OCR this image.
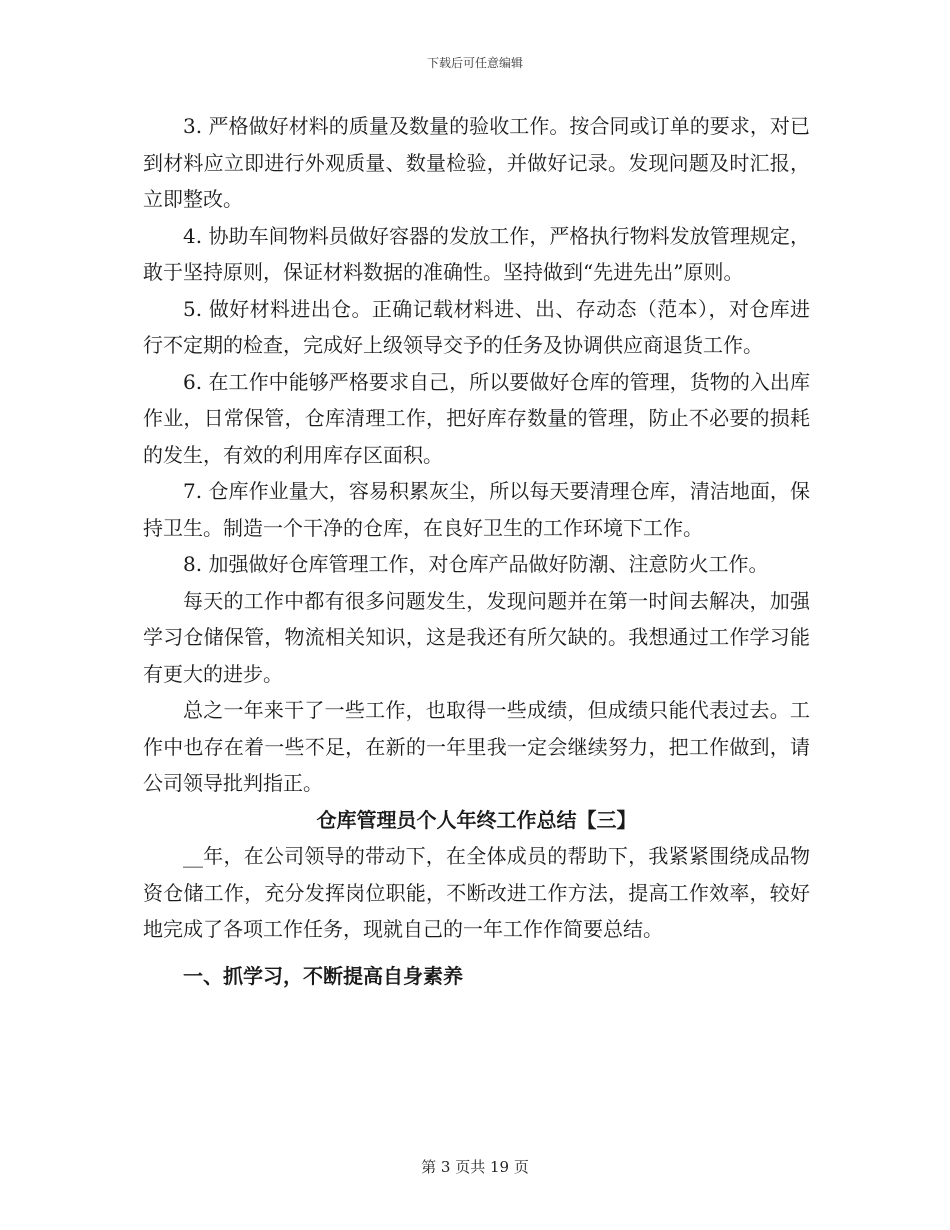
下载后可任意编辑

3. 严格做好材料的质量及数量的验收工作。按合同或订单的要求，对已到材料应立即进行外观质量、数量检验，并做好记录。发现问题及时汇报，立即整改。

4. 协助车间物料员做好容器的发放工作，严格执行物料发放管理规定，敢于坚持原则，保证材料数据的准确性。坚持做到“先进先出”原则。

5. 做好材料进出仓。正确记载材料进、出、存动态（范本），对仓库进行不定期的检查，完成好上级领导交予的任务及协调供应商退货工作。

6. 在工作中能够严格要求自己，所以要做好仓库的管理，货物的入出库作业，日常保管，仓库清理工作，把好库存数量的管理，防止不必要的损耗的发生，有效的利用库存区面积。

7. 仓库作业量大，容易积累灰尘，所以每天要清理仓库，清洁地面，保持卫生。制造一个干净的仓库，在良好卫生的工作环境下工作。

8. 加强做好仓库管理工作，对仓库产品做好防潮、注意防火工作。

每天的工作中都有很多问题发生，发现问题并在第一时间去解决，加强学习仓储保管，物流相关知识，这是我还有所欠缺的。我想通过工作学习能有更大的进步。

总之一年来干了一些工作，也取得一些成绩，但成绩只能代表过去。工作中也存在着一些不足，在新的一年里我一定会继续努力，把工作做到，请公司领导批判指正。

仓库管理员个人年终工作总结【三】

__年，在公司领导的带动下，在全体成员的帮助下，我紧紧围绕成品物资仓储工作，充分发挥岗位职能，不断改进工作方法，提高工作效率，较好地完成了各项工作任务，现就自己的一年工作作简要总结。

一、抓学习，不断提高自身素养

第 3 页共 19 页
